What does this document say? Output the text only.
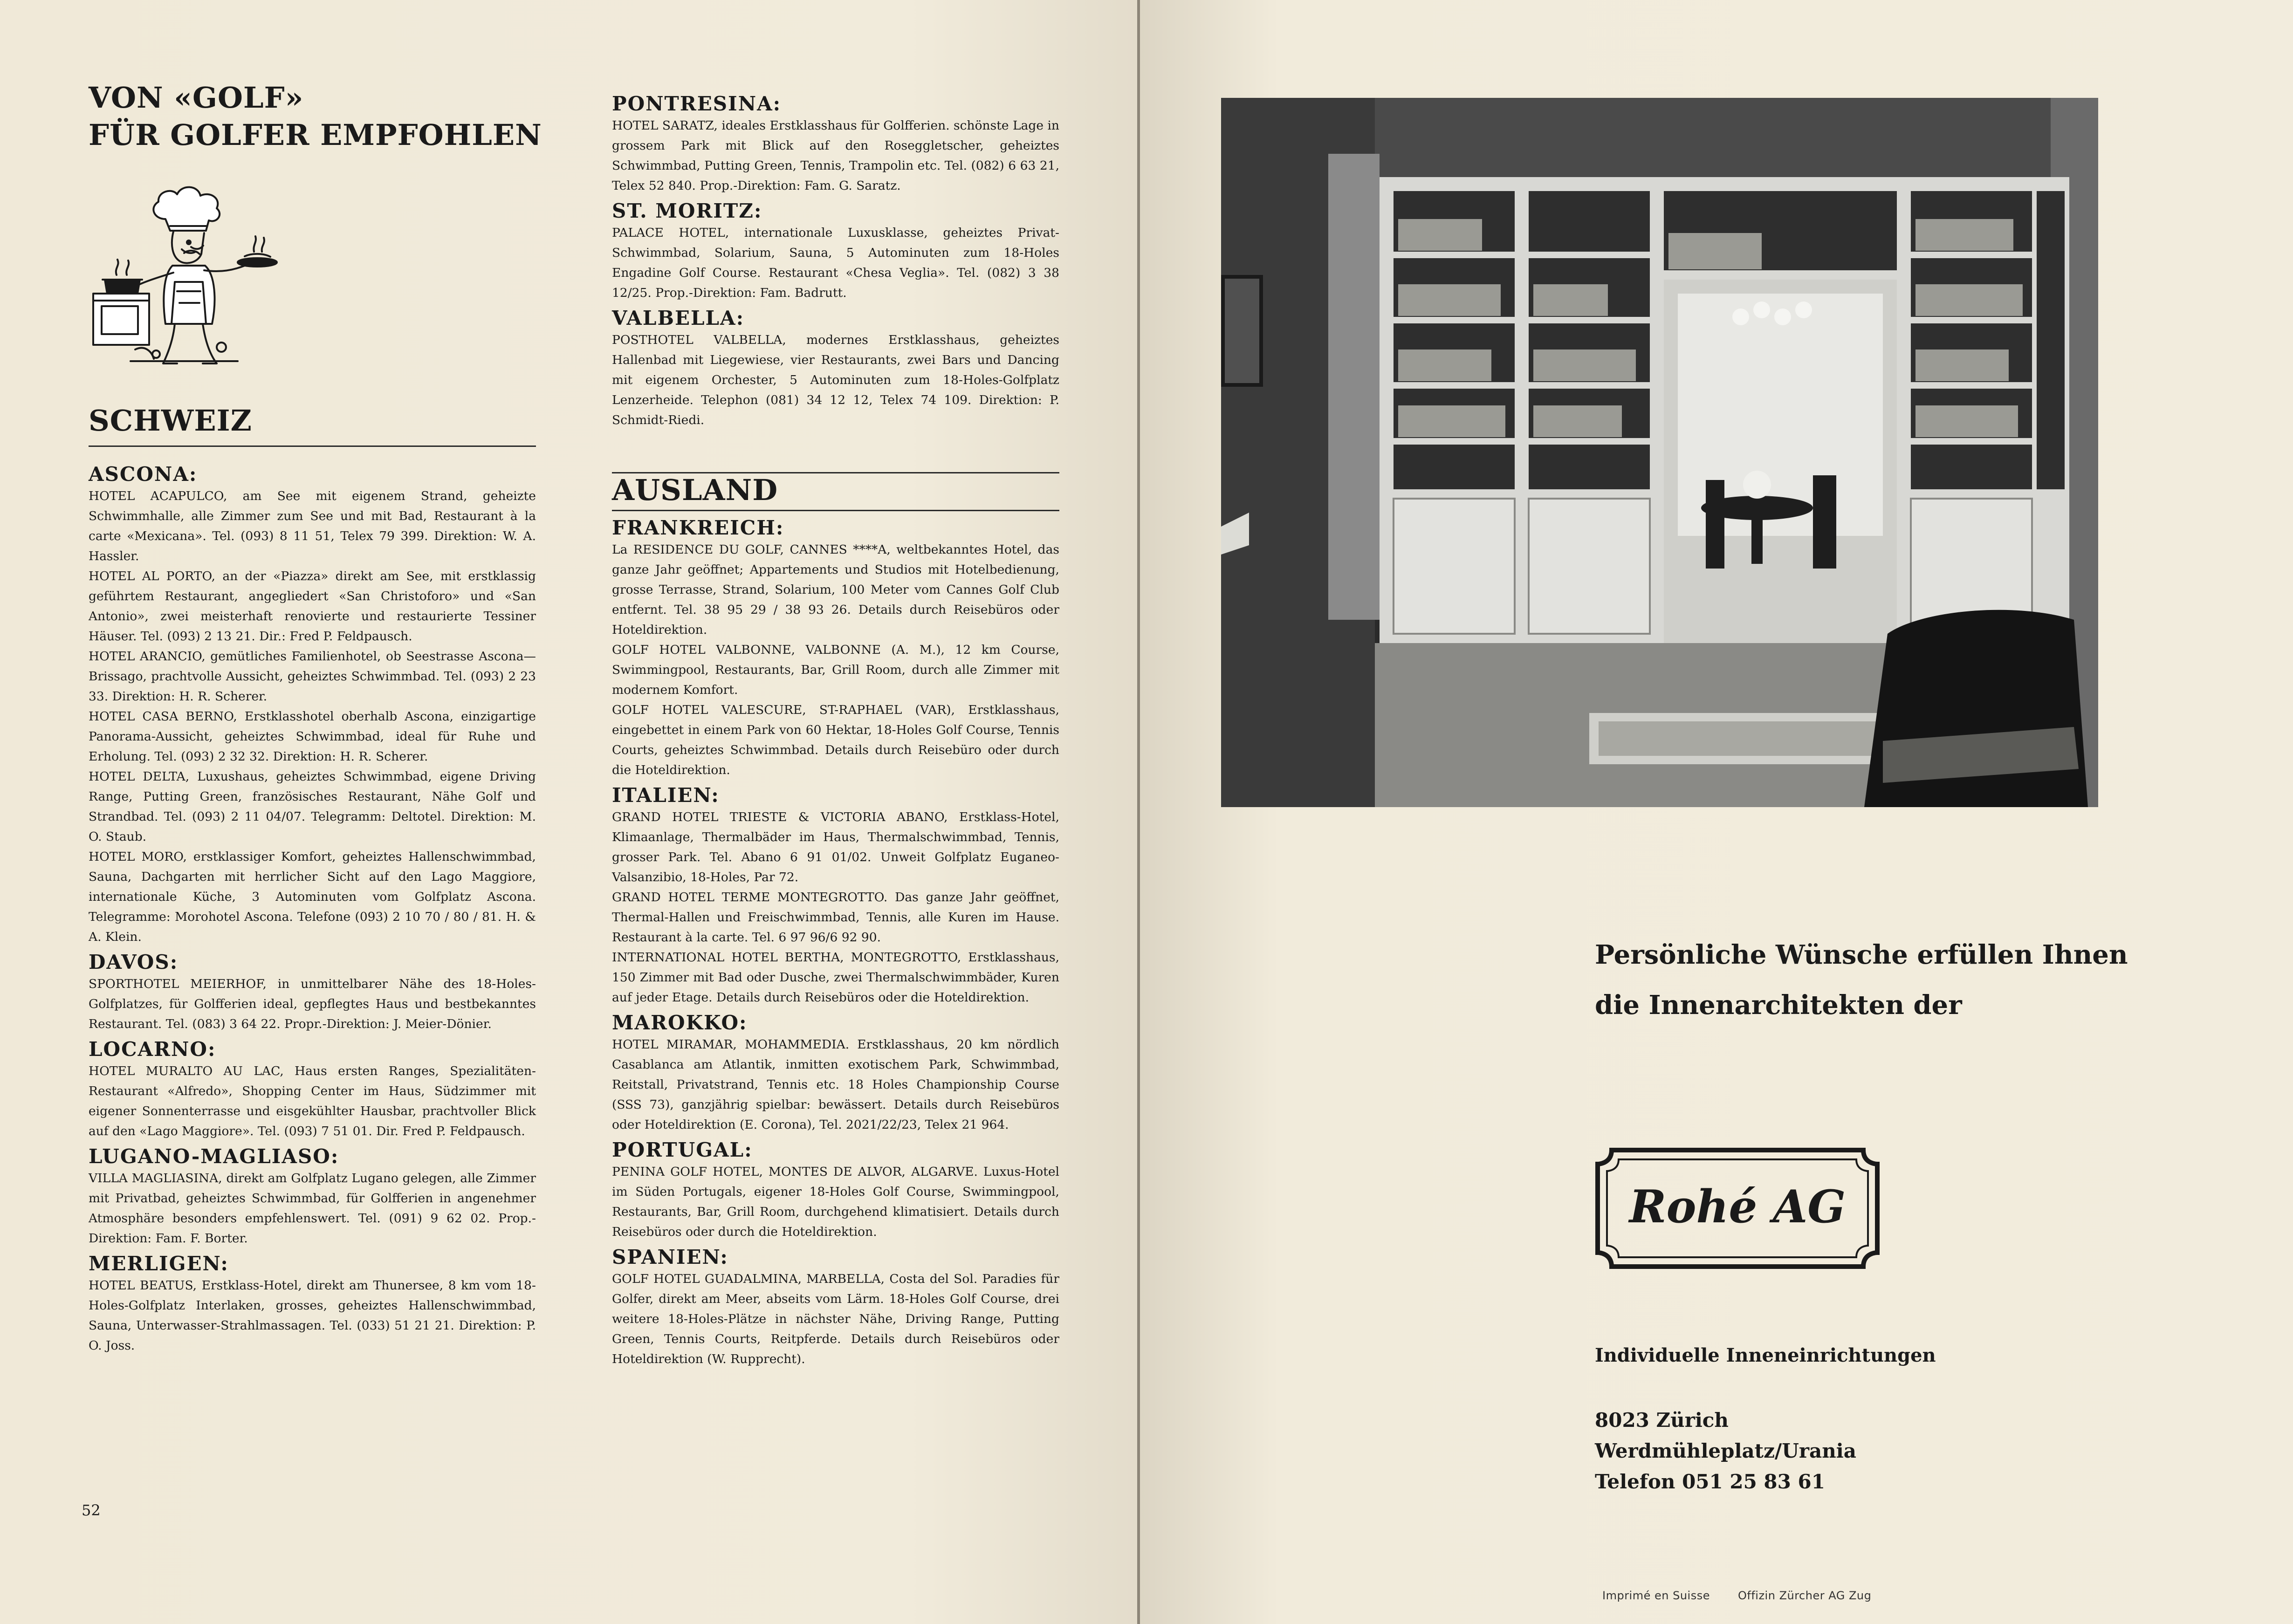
VON «GOLF»
FÜR GOLFER EMPFOHLEN
SCHWEIZ
ASCONA:

HOTEL ACAPULCO, am See mit eigenem Strand, geheizte Schwimmhalle, alle Zimmer zum See und mit Bad, Restaurant à la carte «Mexicana». Tel. (093) 8 11 51, Telex 79 399. Direktion: W. A. Hassler.

HOTEL AL PORTO, an der «Piazza» direkt am See, mit erstklassig geführtem Restaurant, angegliedert «San Christoforo» und «San Antonio», zwei meisterhaft renovierte und restaurierte Tessiner Häuser. Tel. (093) 2 13 21. Dir.: Fred P. Feldpausch.

HOTEL ARANCIO, gemütliches Familienhotel, ob Seestrasse Ascona—Brissago, prachtvolle Aussicht, geheiztes Schwimmbad. Tel. (093) 2 23 33. Direktion: H. R. Scherer.

HOTEL CASA BERNO, Erstklasshotel oberhalb Ascona, einzigartige Panorama-Aussicht, geheiztes Schwimmbad, ideal für Ruhe und Erholung. Tel. (093) 2 32 32. Direktion: H. R. Scherer.

HOTEL DELTA, Luxushaus, geheiztes Schwimmbad, eigene Driving Range, Putting Green, französisches Restaurant, Nähe Golf und Strandbad. Tel. (093) 2 11 04/07. Telegramm: Deltotel. Direktion: M. O. Staub.

HOTEL MORO, erstklassiger Komfort, geheiztes Hallenschwimmbad, Sauna, Dachgarten mit herrlicher Sicht auf den Lago Maggiore, internationale Küche, 3 Autominuten vom Golfplatz Ascona. Telegramme: Morohotel Ascona. Telefone (093) 2 10 70 / 80 / 81. H. & A. Klein.

DAVOS:

SPORTHOTEL MEIERHOF, in unmittelbarer Nähe des 18-Holes-Golfplatzes, für Golfferien ideal, gepflegtes Haus und bestbekanntes Restaurant. Tel. (083) 3 64 22. Propr.-Direktion: J. Meier-Dönier.

LOCARNO:

HOTEL MURALTO AU LAC, Haus ersten Ranges, Spezialitäten-Restaurant «Alfredo», Shopping Center im Haus, Südzimmer mit eigener Sonnenterrasse und eisgekühlter Hausbar, prachtvoller Blick auf den «Lago Maggiore». Tel. (093) 7 51 01. Dir. Fred P. Feldpausch.

LUGANO-MAGLIASO:

VILLA MAGLIASINA, direkt am Golfplatz Lugano gelegen, alle Zimmer mit Privatbad, geheiztes Schwimmbad, für Golfferien in angenehmer Atmosphäre besonders empfehlenswert. Tel. (091) 9 62 02. Prop.-Direktion: Fam. F. Borter.

MERLIGEN:

HOTEL BEATUS, Erstklass-Hotel, direkt am Thunersee, 8 km vom 18-Holes-Golfplatz Interlaken, grosses, geheiztes Hallenschwimmbad, Sauna, Unterwasser-Strahlmassagen. Tel. (033) 51 21 21. Direktion: P. O. Joss.

PONTRESINA:

HOTEL SARATZ, ideales Erstklasshaus für Golfferien. schönste Lage in grossem Park mit Blick auf den Roseggletscher, geheiztes Schwimmbad, Putting Green, Tennis, Trampolin etc. Tel. (082) 6 63 21, Telex 52 840. Prop.-Direktion: Fam. G. Saratz.

ST. MORITZ:

PALACE HOTEL, internationale Luxusklasse, geheiztes Privat-Schwimmbad, Solarium, Sauna, 5 Autominuten zum 18-Holes Engadine Golf Course. Restaurant «Chesa Veglia». Tel. (082) 3 38 12/25. Prop.-Direktion: Fam. Badrutt.

VALBELLA:

POSTHOTEL VALBELLA, modernes Erstklasshaus, geheiztes Hallenbad mit Liegewiese, vier Restaurants, zwei Bars und Dancing mit eigenem Orchester, 5 Autominuten zum 18-Holes-Golfplatz Lenzerheide. Telephon (081) 34 12 12, Telex 74 109. Direktion: P. Schmidt-Riedi.

AUSLAND
FRANKREICH:

La RESIDENCE DU GOLF, CANNES ****A, weltbekanntes Hotel, das ganze Jahr geöffnet; Appartements und Studios mit Hotelbedienung, grosse Terrasse, Strand, Solarium, 100 Meter vom Cannes Golf Club entfernt. Tel. 38 95 29 / 38 93 26. Details durch Reisebüros oder Hoteldirektion.

GOLF HOTEL VALBONNE, VALBONNE (A. M.), 12 km Course, Swimmingpool, Restaurants, Bar, Grill Room, durch alle Zimmer mit modernem Komfort.

GOLF HOTEL VALESCURE, ST-RAPHAEL (VAR), Erstklasshaus, eingebettet in einem Park von 60 Hektar, 18-Holes Golf Course, Tennis Courts, geheiztes Schwimmbad. Details durch Reisebüro oder durch die Hoteldirektion.

ITALIEN:

GRAND HOTEL TRIESTE & VICTORIA ABANO, Erstklass-Hotel, Klimaanlage, Thermalbäder im Haus, Thermalschwimmbad, Tennis, grosser Park. Tel. Abano 6 91 01/02. Unweit Golfplatz Euganeo-Valsanzibio, 18-Holes, Par 72.

GRAND HOTEL TERME MONTEGROTTO. Das ganze Jahr geöffnet, Thermal-Hallen und Freischwimmbad, Tennis, alle Kuren im Hause. Restaurant à la carte. Tel. 6 97 96/6 92 90.

INTERNATIONAL HOTEL BERTHA, MONTEGROTTO, Erstklasshaus, 150 Zimmer mit Bad oder Dusche, zwei Thermalschwimmbäder, Kuren auf jeder Etage. Details durch Reisebüros oder die Hoteldirektion.

MAROKKO:

HOTEL MIRAMAR, MOHAMMEDIA. Erstklasshaus, 20 km nördlich Casablanca am Atlantik, inmitten exotischem Park, Schwimmbad, Reitstall, Privatstrand, Tennis etc. 18 Holes Championship Course (SSS 73), ganzjährig spielbar: bewässert. Details durch Reisebüros oder Hoteldirektion (E. Corona), Tel. 2021/22/23, Telex 21 964.

PORTUGAL:

PENINA GOLF HOTEL, MONTES DE ALVOR, ALGARVE. Luxus-Hotel im Süden Portugals, eigener 18-Holes Golf Course, Swimmingpool, Restaurants, Bar, Grill Room, durchgehend klimatisiert. Details durch Reisebüros oder durch die Hoteldirektion.

SPANIEN:

GOLF HOTEL GUADALMINA, MARBELLA, Costa del Sol. Paradies für Golfer, direkt am Meer, abseits vom Lärm. 18-Holes Golf Course, drei weitere 18-Holes-Plätze in nächster Nähe, Driving Range, Putting Green, Tennis Courts, Reitpferde. Details durch Reisebüros oder Hoteldirektion (W. Rupprecht).

52
Persönliche Wünsche erfüllen Ihnen
die Innenarchitekten der
Rohé AG
Individuelle Inneneinrichtungen
8023 Zürich
Werdmühleplatz/Urania
Telefon 051 25 83 61
Imprimé en Suisse	Offizin Zürcher AG Zug
